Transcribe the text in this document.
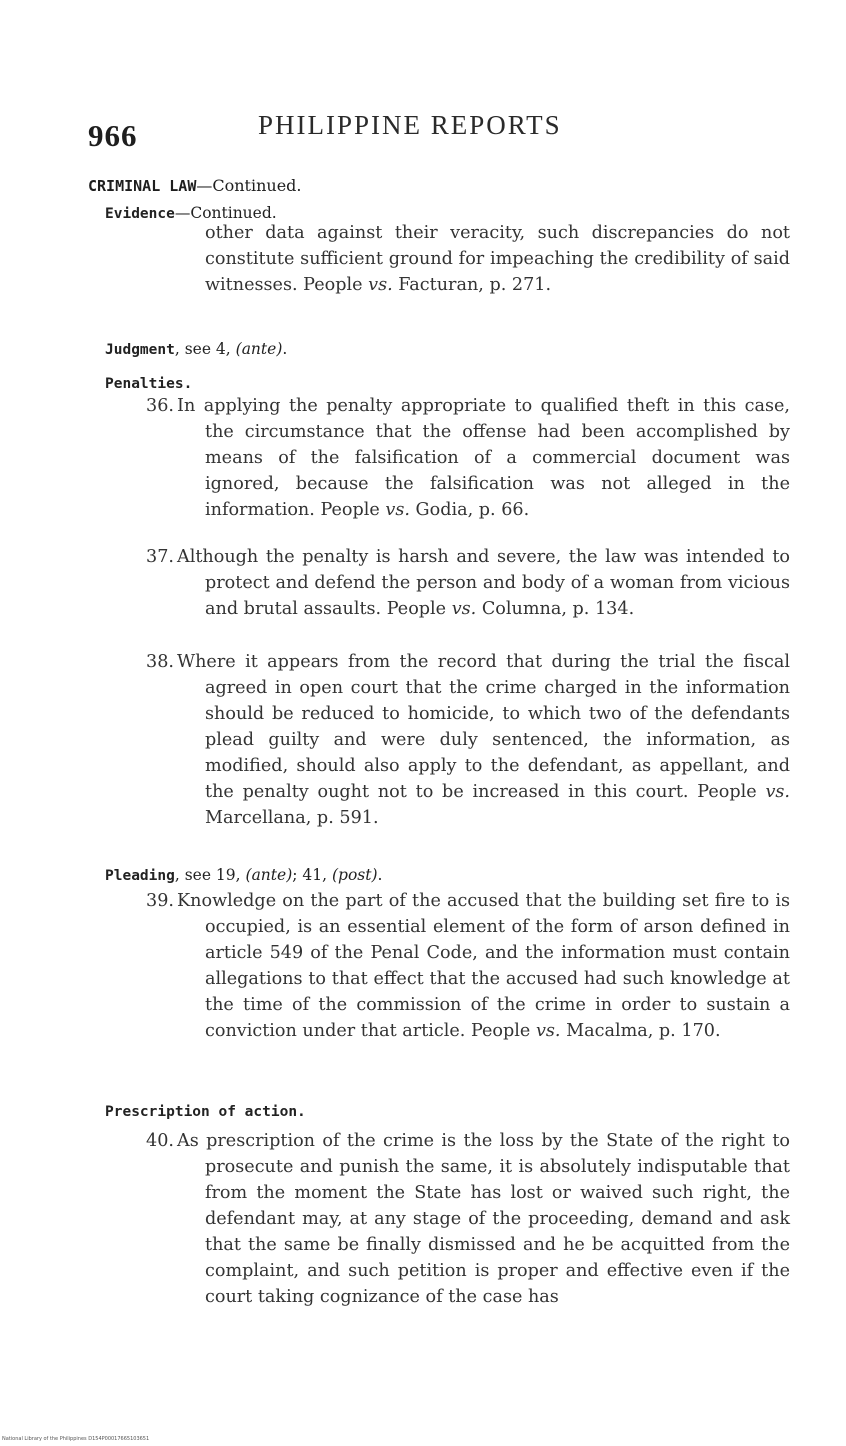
966	PHILIPPINE REPORTS
CRIMINAL LAW—Continued.
Evidence—Continued.
other data against their veracity, such discrepancies do not constitute sufficient ground for impeaching the credibility of said witnesses. People vs. Facturan, p. 271.
Judgment, see 4, (ante).
Penalties.
36. In applying the penalty appropriate to qualified theft in this case, the circumstance that the offense had been accomplished by means of the falsification of a commercial document was ignored, because the falsification was not alleged in the information. People vs. Godia, p. 66.
37. Although the penalty is harsh and severe, the law was intended to protect and defend the person and body of a woman from vicious and brutal assaults. People vs. Columna, p. 134.
38. Where it appears from the record that during the trial the fiscal agreed in open court that the crime charged in the information should be reduced to homicide, to which two of the defendants plead guilty and were duly sentenced, the information, as modified, should also apply to the defendant, as appellant, and the penalty ought not to be increased in this court. People vs. Marcellana, p. 591.
Pleading, see 19, (ante); 41, (post).
39. Knowledge on the part of the accused that the building set fire to is occupied, is an essential element of the form of arson defined in article 549 of the Penal Code, and the information must contain allegations to that effect that the accused had such knowledge at the time of the commission of the crime in order to sustain a conviction under that article. People vs. Macalma, p. 170.
Prescription of action.
40. As prescription of the crime is the loss by the State of the right to prosecute and punish the same, it is absolutely indisputable that from the moment the State has lost or waived such right, the defendant may, at any stage of the proceeding, demand and ask that the same be finally dismissed and he be acquitted from the complaint, and such petition is proper and effective even if the court taking cognizance of the case has
National Library of the Philippines D154P00017665103651
